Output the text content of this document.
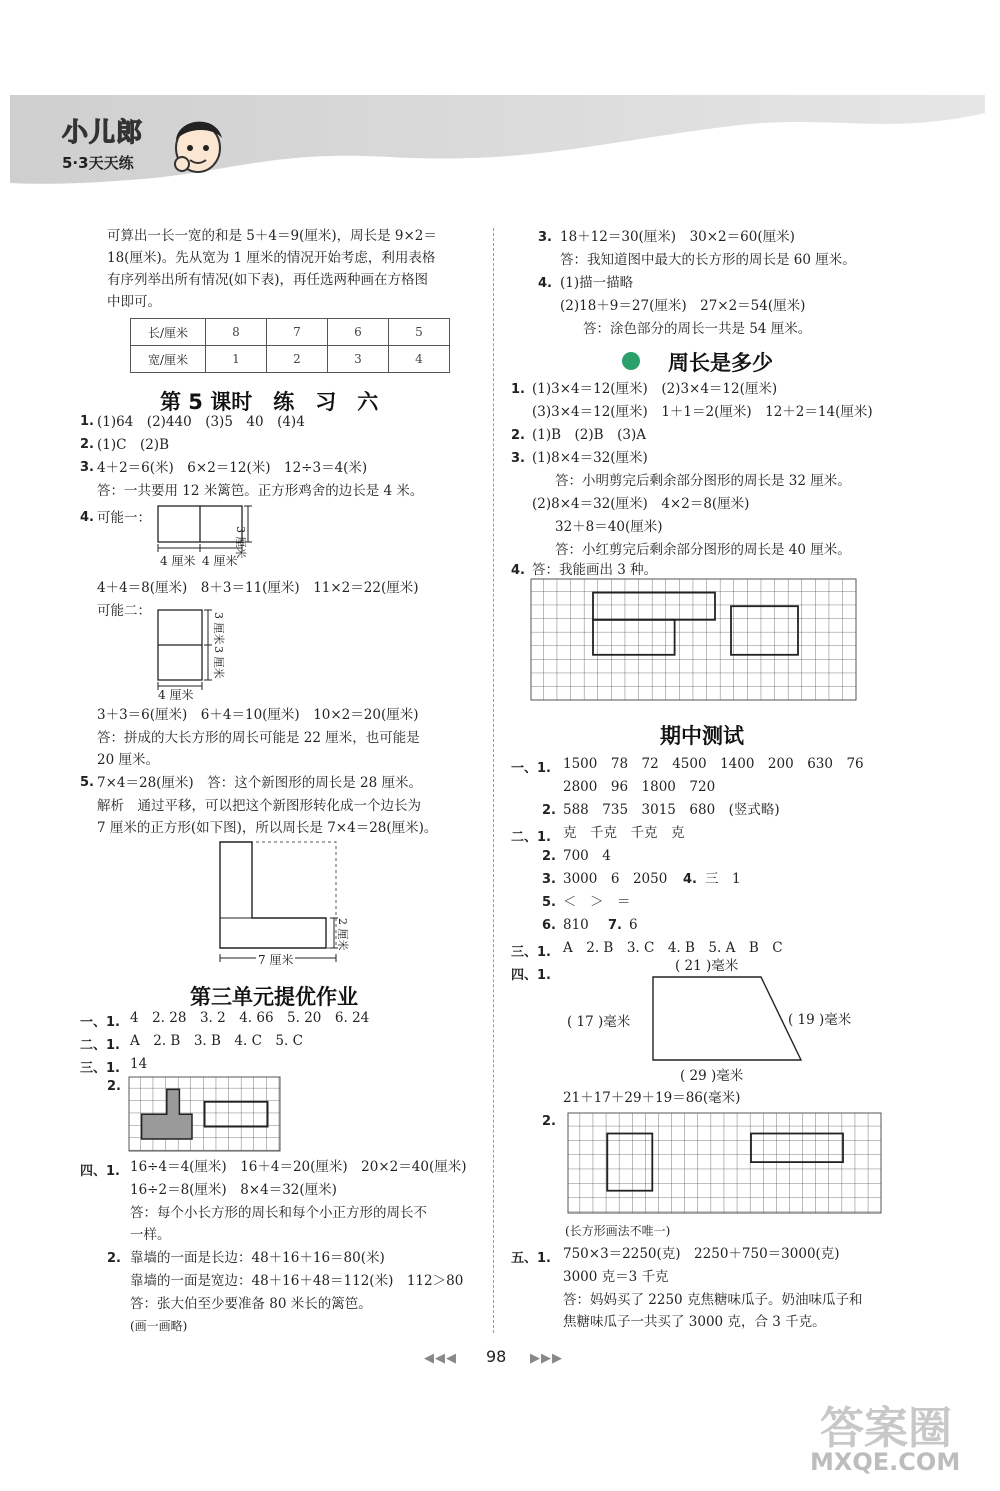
小儿郎
5·3天天练
可算出一长一宽的和是 5＋4＝9(厘米)，周长是 9×2＝
18(厘米)。先从宽为 1 厘米的情况开始考虑，利用表格
有序列举出所有情况(如下表)，再任选两种画在方格图
中即可。
长/厘米	8	7	6	5
宽/厘米	1	2	3	4
第 5 课时　练　习　六
1. (1)64　(2)440　(3)5　40　(4)4
2. (1)C　(2)B
3. 4＋2＝6(米)　6×2＝12(米)　12÷3＝4(米)
答：一共要用 12 米篱笆。正方形鸡舍的边长是 4 米。
4. 可能一：
4 厘米 4 厘米
3 厘米
4＋4＝8(厘米)　8＋3＝11(厘米)　11×2＝22(厘米)
可能二：
3 厘米
3 厘米
4 厘米
3＋3＝6(厘米)　6＋4＝10(厘米)　10×2＝20(厘米)
答：拼成的大长方形的周长可能是 22 厘米，也可能是
20 厘米。
5. 7×4＝28(厘米)　答：这个新图形的周长是 28 厘米。
解析　通过平移，可以把这个新图形转化成一个边长为
7 厘米的正方形(如下图)，所以周长是 7×4＝28(厘米)。
2 厘米
7 厘米
第三单元提优作业
一、1. 4　2. 28　3. 2　4. 66　5. 20　6. 24
二、1. A　2. B　3. B　4. C　5. C
三、1. 14
2.
四、1. 16÷4＝4(厘米)　16＋4＝20(厘米)　20×2＝40(厘米)
16÷2＝8(厘米)　8×4＝32(厘米)
答：每个小长方形的周长和每个小正方形的周长不
一样。
2. 靠墙的一面是长边：48＋16＋16＝80(米)
靠墙的一面是宽边：48＋16＋48＝112(米)　112＞80
答：张大伯至少要准备 80 米长的篱笆。
(画一画略)
3. 18＋12＝30(厘米)　30×2＝60(厘米)
答：我知道图中最大的长方形的周长是 60 厘米。
4. (1)描一描略
(2)18＋9＝27(厘米)　27×2＝54(厘米)
答：涂色部分的周长一共是 54 厘米。
周长是多少
1. (1)3×4＝12(厘米)　(2)3×4＝12(厘米)
(3)3×4＝12(厘米)　1＋1＝2(厘米)　12＋2＝14(厘米)
2. (1)B　(2)B　(3)A
3. (1)8×4＝32(厘米)
答：小明剪完后剩余部分图形的周长是 32 厘米。
(2)8×4＝32(厘米)　4×2＝8(厘米)
32＋8＝40(厘米)
答：小红剪完后剩余部分图形的周长是 40 厘米。
4. 答：我能画出 3 种。
期中测试
一、1. 1500　78　72　4500　1400　200　630　76
2800　96　1800　720
2. 588　735　3015　680　(竖式略)
二、1. 克　千克　千克　克
2. 700　4
3. 3000　6　2050 4. 三　1
5. ＜　＞　＝
6. 810 7. 6
三、1. A　2. B　3. C　4. B　5. A　B　C
四、1.
( 21 )毫米
( 17 )毫米	( 19 )毫米
( 29 )毫米
21＋17＋29＋19＝86(毫米)
2.
(长方形画法不唯一)
五、1. 750×3＝2250(克)　2250＋750＝3000(克)
3000 克＝3 千克
答：妈妈买了 2250 克焦糖味瓜子。奶油味瓜子和
焦糖味瓜子一共买了 3000 克，合 3 千克。
◀◀◀ 98 ▶▶▶
答案圈
MXQE.COM
